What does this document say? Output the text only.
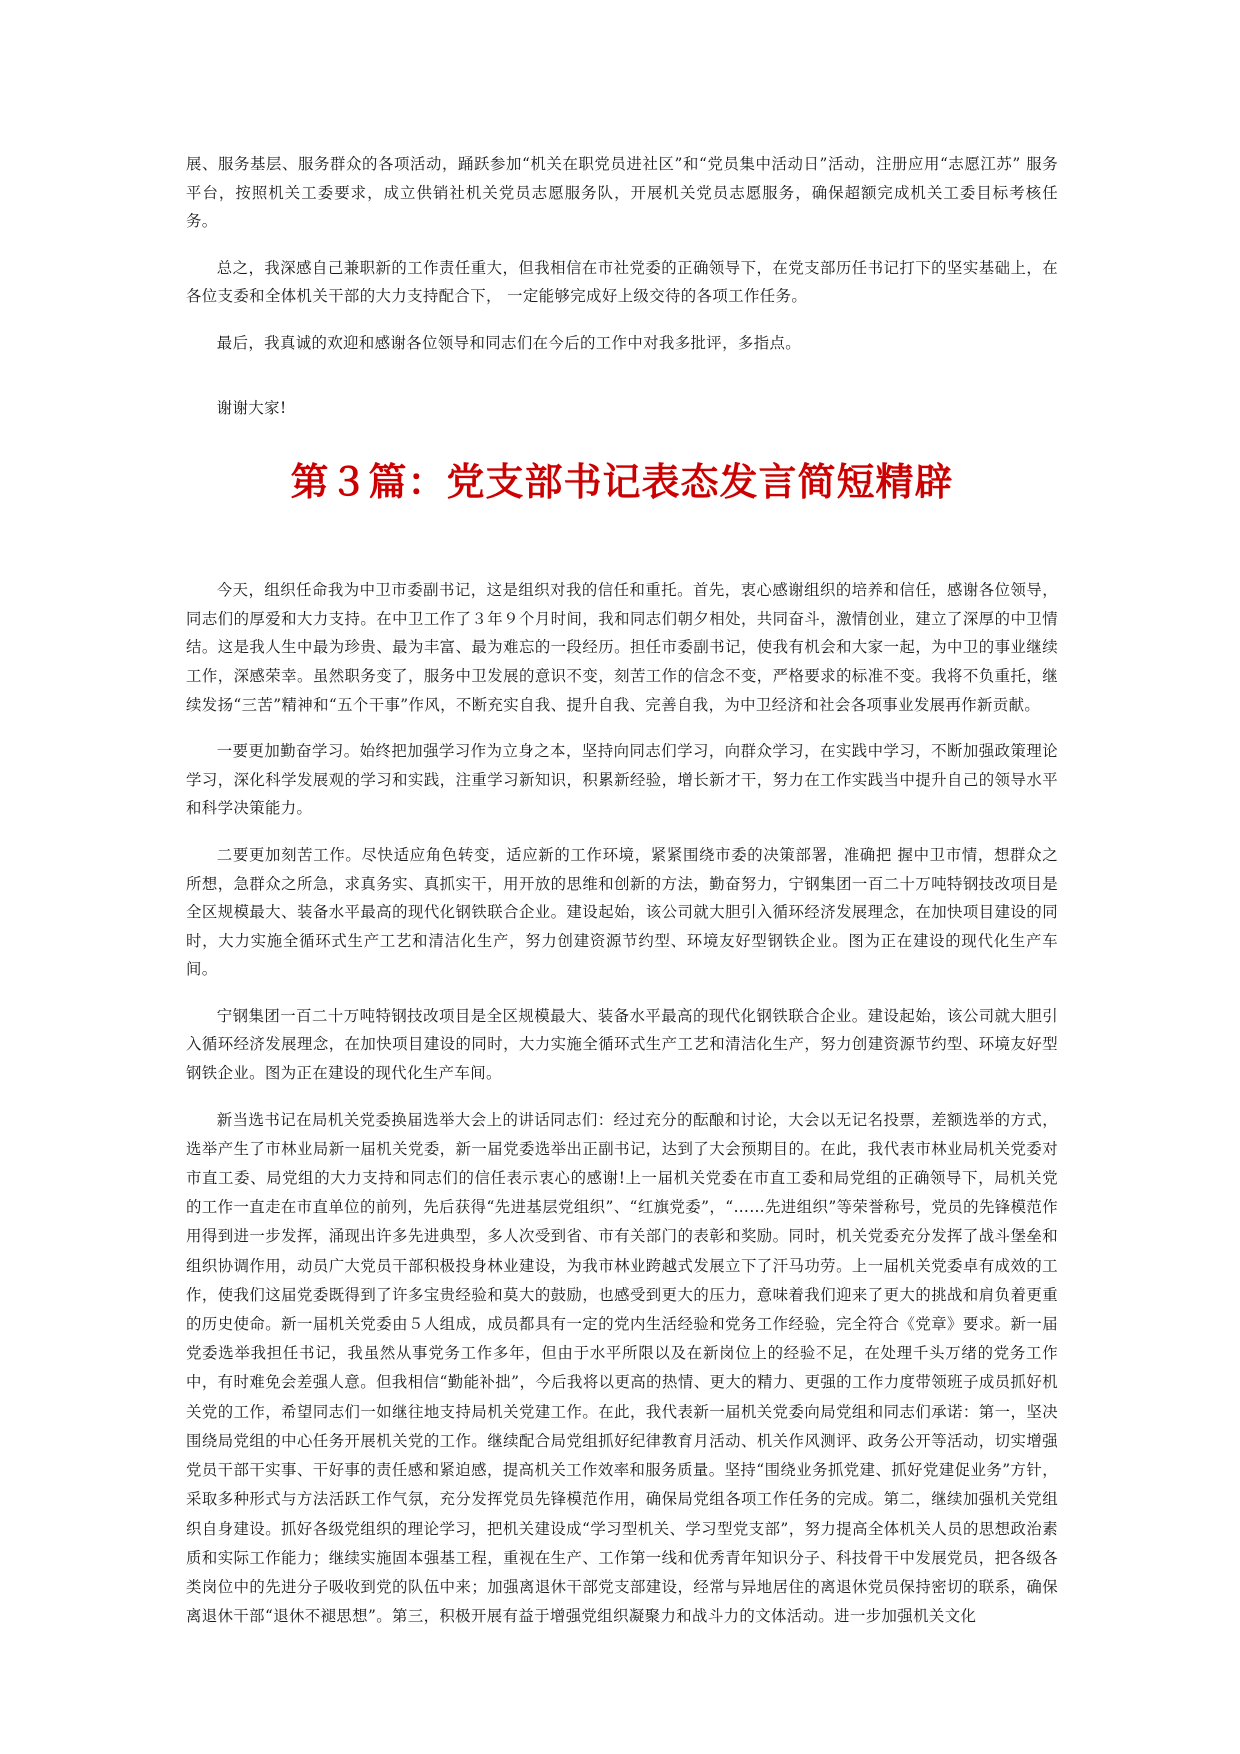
展、服务基层、服务群众的各项活动，踊跃参加“机关在职党员进社区”和“党员集中活动日”活动，注册应用“志愿江苏” 服务平台，按照机关工委要求，成立供销社机关党员志愿服务队，开展机关党员志愿服务，确保超额完成机关工委目标考核任 务。

总之，我深感自己兼职新的工作责任重大，但我相信在市社党委的正确领导下，在党支部历任书记打下的坚实基础上，在 各位支委和全体机关干部的大力支持配合下， 一定能够完成好上级交待的各项工作任务。

最后，我真诚的欢迎和感谢各位领导和同志们在今后的工作中对我多批评，多指点。

谢谢大家!

第３篇：党支部书记表态发言简短精辟

今天，组织任命我为中卫市委副书记，这是组织对我的信任和重托。首先，衷心感谢组织的培养和信任，感谢各位领导，同志们的厚爱和大力支持。在中卫工作了３年９个月时间，我和同志们朝夕相处，共同奋斗，激情创业，建立了深厚的中卫情 结。这是我人生中最为珍贵、最为丰富、最为难忘的一段经历。担任市委副书记，使我有机会和大家一起，为中卫的事业继续 工作，深感荣幸。虽然职务变了，服务中卫发展的意识不变，刻苦工作的信念不变，严格要求的标准不变。我将不负重托，继 续发扬“三苦”精神和“五个干事”作风，不断充实自我、提升自我、完善自我，为中卫经济和社会各项事业发展再作新贡献。

一要更加勤奋学习。始终把加强学习作为立身之本，坚持向同志们学习，向群众学习，在实践中学习，不断加强政策理论 学习，深化科学发展观的学习和实践，注重学习新知识，积累新经验，增长新才干，努力在工作实践当中提升自己的领导水平 和科学决策能力。

二要更加刻苦工作。尽快适应角色转变，适应新的工作环境，紧紧围绕市委的决策部署，准确把 握中卫市情，想群众之所想，急群众之所急，求真务实、真抓实干，用开放的思维和创新的方法，勤奋努力，宁钢集团一百二十万吨特钢技改项目是全区规模最大、装备水平最高的现代化钢铁联合企业。建设起始，该公司就大胆引入循环经济发展理念，在加快项目建设的同时，大力实施全循环式生产工艺和清洁化生产，努力创建资源节约型、环境友好型钢铁企业。图为正在建设的现代化生产车间。

宁钢集团一百二十万吨特钢技改项目是全区规模最大、装备水平最高的现代化钢铁联合企业。建设起始，该公司就大胆引入循环经济发展理念，在加快项目建设的同时，大力实施全循环式生产工艺和清洁化生产，努力创建资源节约型、环境友好型钢铁企业。图为正在建设的现代化生产车间。

新当选书记在局机关党委换届选举大会上的讲话同志们：经过充分的酝酿和讨论，大会以无记名投票，差额选举的方式，选举产生了市林业局新一届机关党委，新一届党委选举出正副书记，达到了大会预期目的。在此，我代表市林业局机关党委对市直工委、局党组的大力支持和同志们的信任表示衷心的感谢!上一届机关党委在市直工委和局党组的正确领导下，局机关党的工作一直走在市直单位的前列，先后获得“先进基层党组织”、“红旗党委”，“……先进组织”等荣誉称号，党员的先锋模范作用得到进一步发挥，涌现出许多先进典型，多人次受到省、市有关部门的表彰和奖励。同时，机关党委充分发挥了战斗堡垒和组织协调作用，动员广大党员干部积极投身林业建设，为我市林业跨越式发展立下了汗马功劳。上一届机关党委卓有成效的工作，使我们这届党委既得到了许多宝贵经验和莫大的鼓励，也感受到更大的压力，意味着我们迎来了更大的挑战和肩负着更重的历史使命。新一届机关党委由５人组成，成员都具有一定的党内生活经验和党务工作经验，完全符合《党章》要求。新一届党委选举我担任书记，我虽然从事党务工作多年，但由于水平所限以及在新岗位上的经验不足，在处理千头万绪的党务工作中，有时难免会差强人意。但我相信“勤能补拙”，今后我将以更高的热情、更大的精力、更强的工作力度带领班子成员抓好机关党的工作，希望同志们一如继往地支持局机关党建工作。在此，我代表新一届机关党委向局党组和同志们承诺：第一，坚决围绕局党组的中心任务开展机关党的工作。继续配合局党组抓好纪律教育月活动、机关作风测评、政务公开等活动，切实增强党员干部干实事、干好事的责任感和紧迫感，提高机关工作效率和服务质量。坚持“围绕业务抓党建、抓好党建促业务”方针，采取多种形式与方法活跃工作气氛，充分发挥党员先锋模范作用，确保局党组各项工作任务的完成。第二，继续加强机关党组织自身建设。抓好各级党组织的理论学习，把机关建设成“学习型机关、学习型党支部”，努力提高全体机关人员的思想政治素质和实际工作能力；继续实施固本强基工程，重视在生产、工作第一线和优秀青年知识分子、科技骨干中发展党员，把各级各类岗位中的先进分子吸收到党的队伍中来；加强离退休干部党支部建设，经常与异地居住的离退休党员保持密切的联系，确保离退休干部“退休不褪思想”。第三，积极开展有益于增强党组织凝聚力和战斗力的文体活动。进一步加强机关文化
